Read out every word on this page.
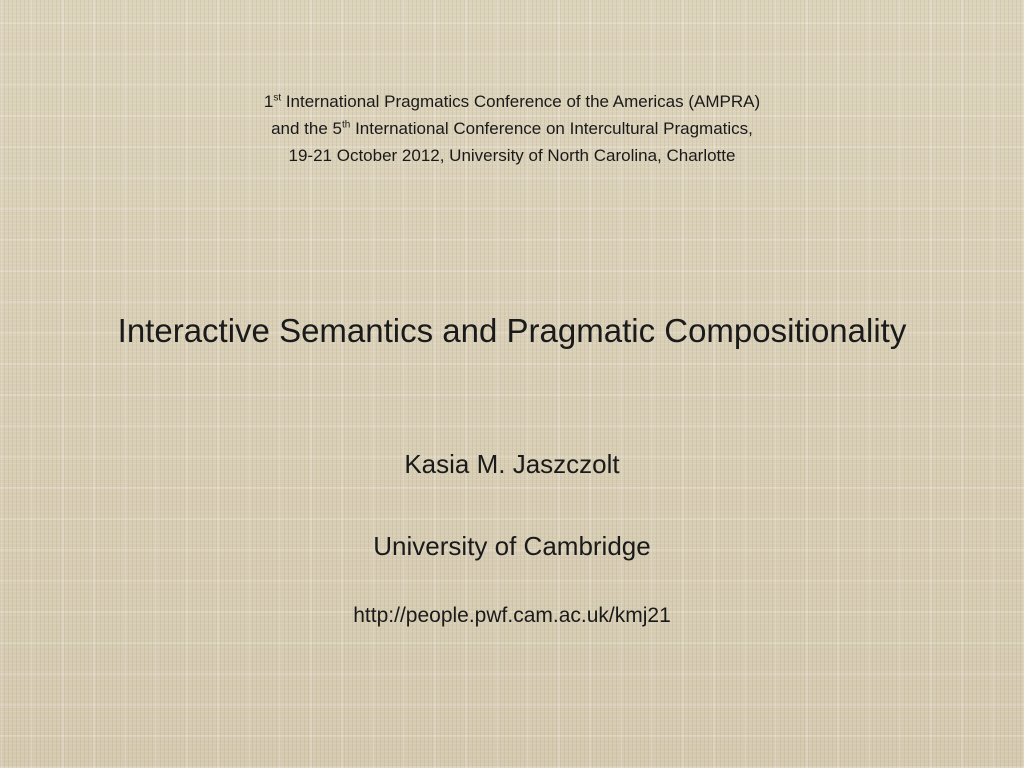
1st International Pragmatics Conference of the Americas (AMPRA)
and the 5th International Conference on Intercultural Pragmatics,
19-21 October 2012, University of North Carolina, Charlotte
Interactive Semantics and Pragmatic Compositionality
Kasia M. Jaszczolt
University of Cambridge
http://people.pwf.cam.ac.uk/kmj21
